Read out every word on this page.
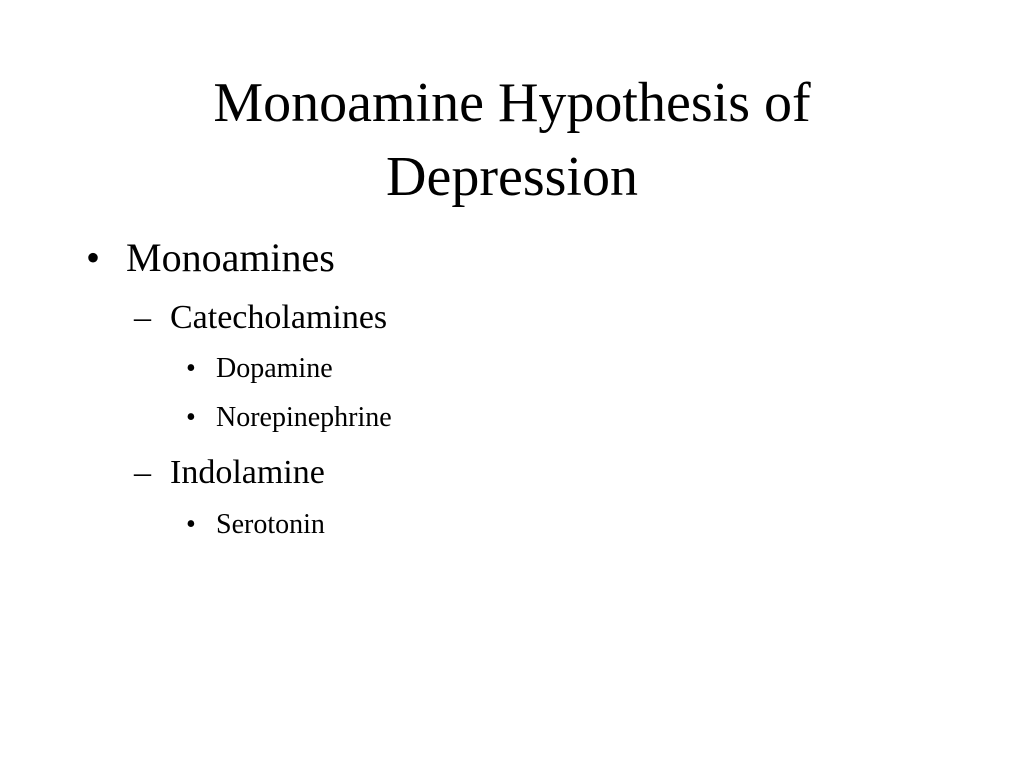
Monoamine Hypothesis of
Depression
• Monoamines
– Catecholamines
• Dopamine
• Norepinephrine
– Indolamine
• Serotonin
